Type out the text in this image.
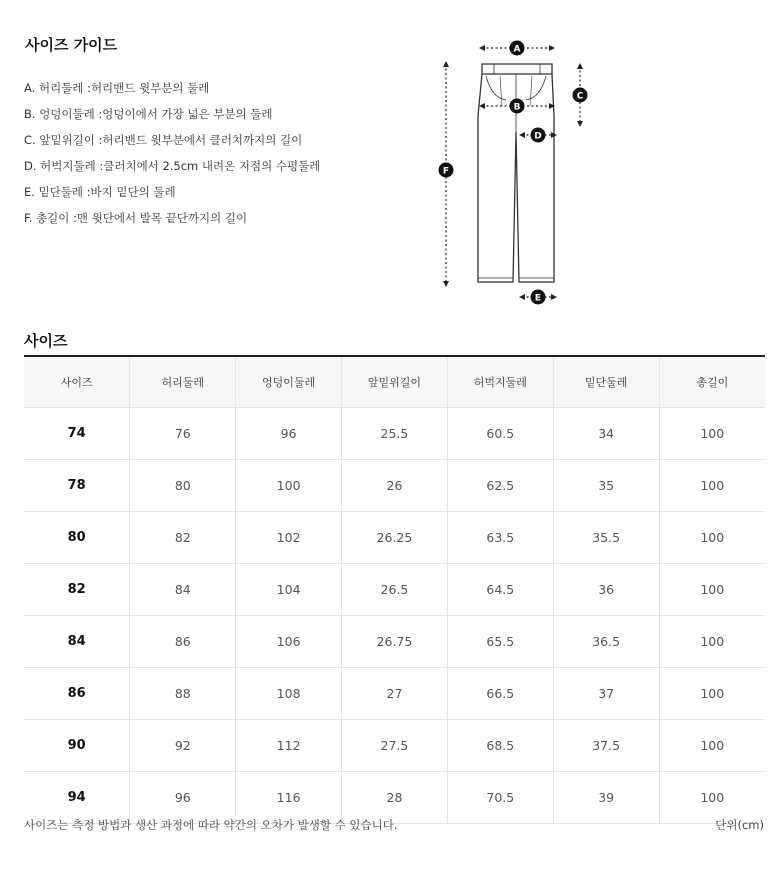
사이즈 가이드
A. 허리둘레 :허리밴드 윗부분의 둘레
B. 엉덩이둘레 :엉덩이에서 가장 넓은 부분의 둘레
C. 앞밑위길이 :허리밴드 윗부분에서 클러치까지의 길이
D. 허벅지둘레 :클러치에서 2.5cm 내려온 지점의 수평둘레
E. 밑단둘레 :바지 밑단의 둘레
F. 총길이 :맨 윗단에서 발목 끝단까지의 길이
A
B
C
D
E
F
사이즈
사이즈	허리둘레	엉덩이둘레	앞밑위길이	허벅지둘레	밑단둘레	총길이
74	76	96	25.5	60.5	34	100
78	80	100	26	62.5	35	100
80	82	102	26.25	63.5	35.5	100
82	84	104	26.5	64.5	36	100
84	86	106	26.75	65.5	36.5	100
86	88	108	27	66.5	37	100
90	92	112	27.5	68.5	37.5	100
94	96	116	28	70.5	39	100
사이즈는 측정 방법과 생산 과정에 따라 약간의 오차가 발생할 수 있습니다.	단위(cm)
